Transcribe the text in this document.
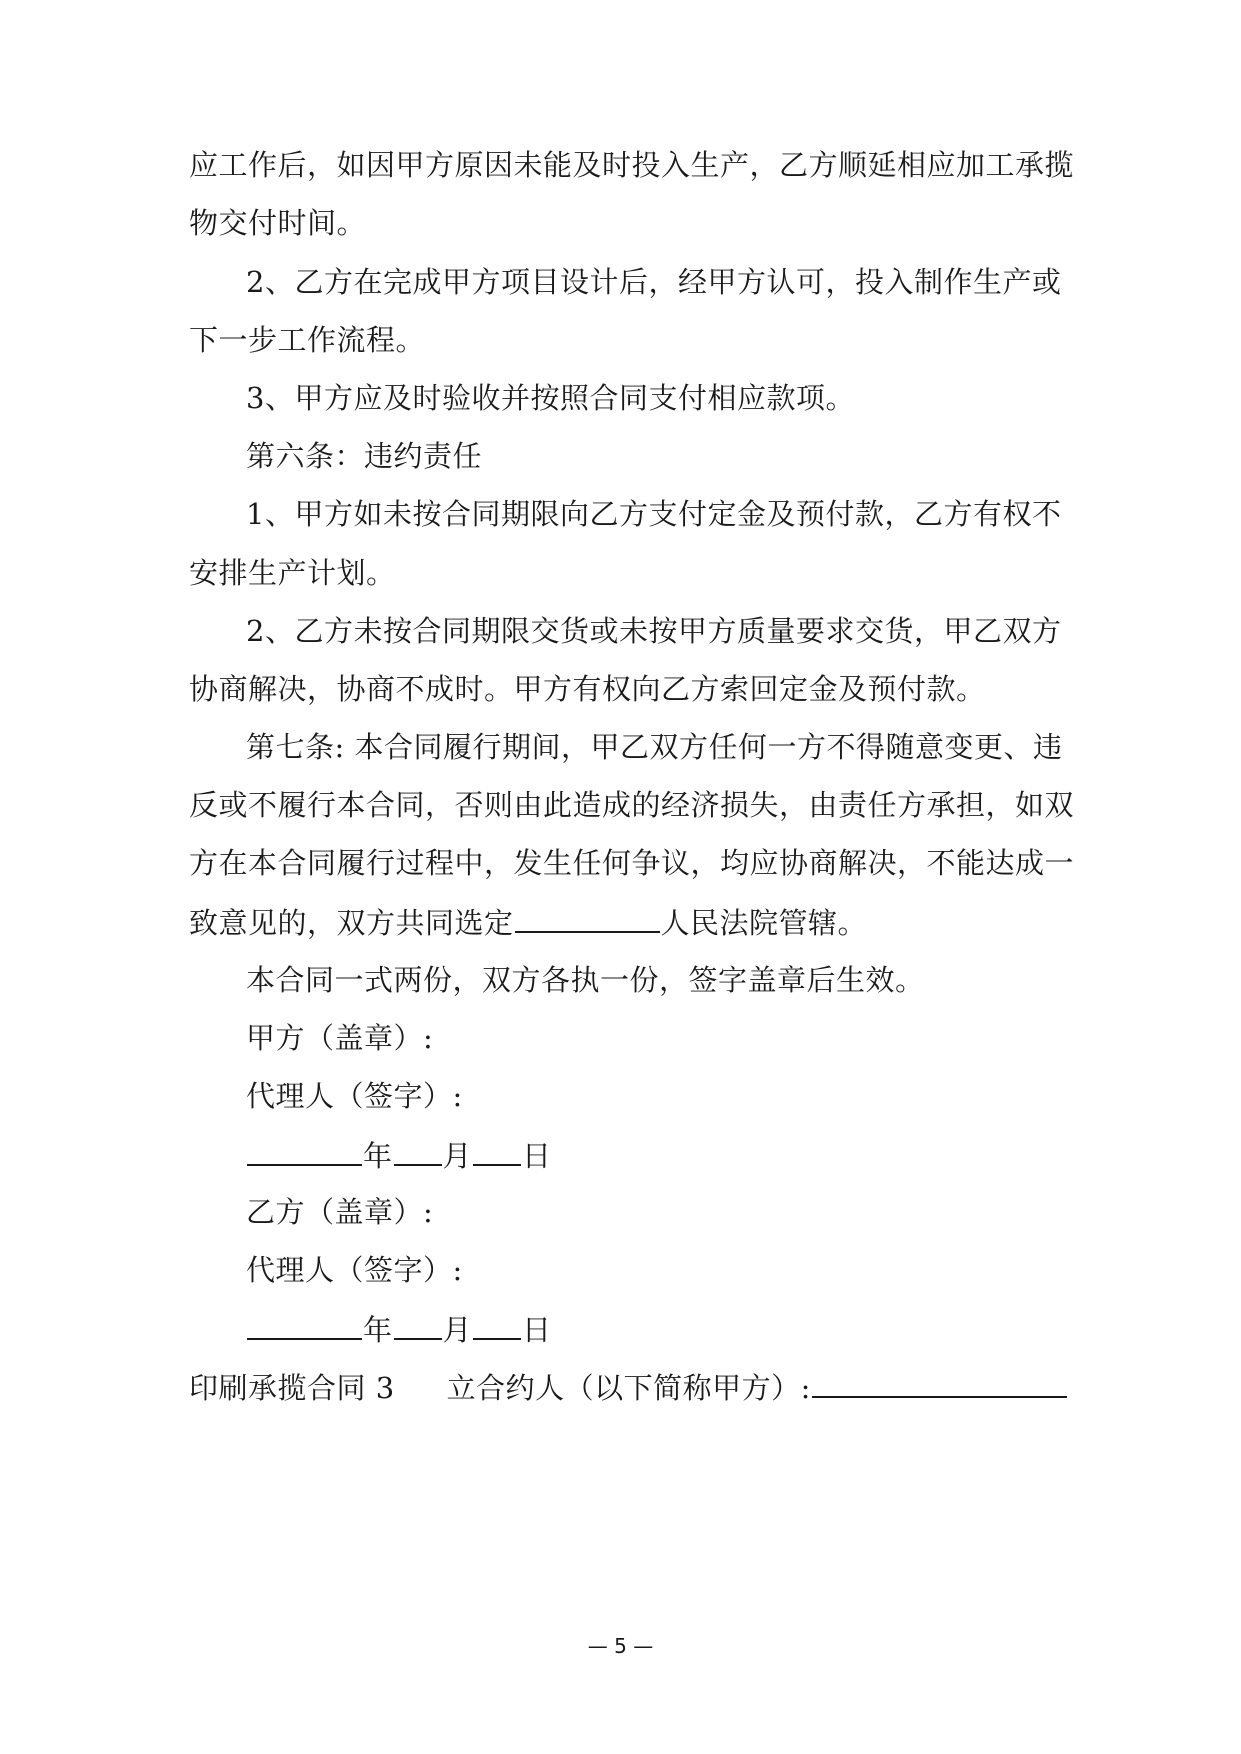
应工作后，如因甲方原因未能及时投入生产，乙方顺延相应加工承揽
物交付时间。
2、乙方在完成甲方项目设计后，经甲方认可，投入制作生产或
下一步工作流程。
3、甲方应及时验收并按照合同支付相应款项。
第六条：违约责任
1、甲方如未按合同期限向乙方支付定金及预付款，乙方有权不
安排生产计划。
2、乙方未按合同期限交货或未按甲方质量要求交货，甲乙双方
协商解决，协商不成时。甲方有权向乙方索回定金及预付款。
第七条: 本合同履行期间，甲乙双方任何一方不得随意变更、违
反或不履行本合同，否则由此造成的经济损失，由责任方承担，如双
方在本合同履行过程中，发生任何争议，均应协商解决，不能达成一
致意见的，双方共同选定	人民法院管辖。
本合同一式两份，双方各执一份，签字盖章后生效。
甲方（盖章）:
代理人（签字）:
年 月 日
乙方（盖章）:
代理人（签字）:
年 月 日
印刷承揽合同 3 立合约人（以下简称甲方）:
— 5 —
